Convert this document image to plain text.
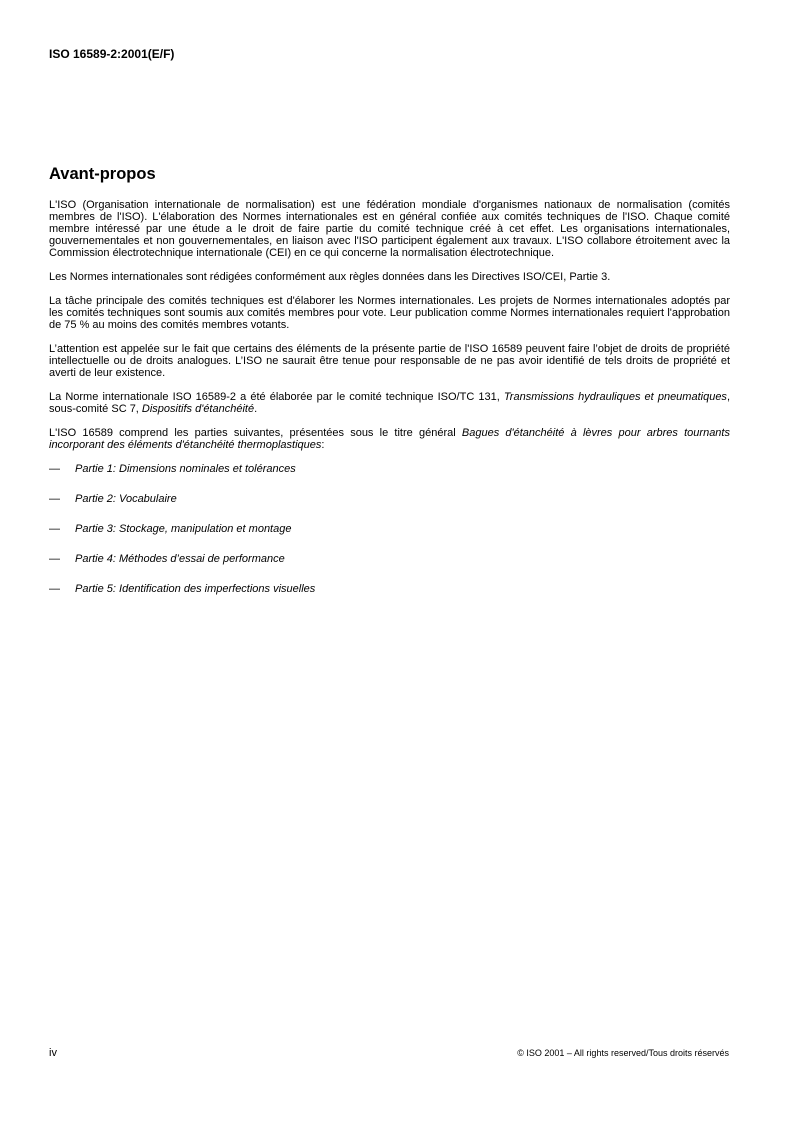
ISO 16589-2:2001(E/F)
Avant-propos

L'ISO (Organisation internationale de normalisation) est une fédération mondiale d'organismes nationaux de normalisation (comités membres de l'ISO). L'élaboration des Normes internationales est en général confiée aux comités techniques de l'ISO. Chaque comité membre intéressé par une étude a le droit de faire partie du comité technique créé à cet effet. Les organisations internationales, gouvernementales et non gouvernementales, en liaison avec l'ISO participent également aux travaux. L'ISO collabore étroitement avec la Commission électrotechnique internationale (CEI) en ce qui concerne la normalisation électrotechnique.

Les Normes internationales sont rédigées conformément aux règles données dans les Directives ISO/CEI, Partie 3.

La tâche principale des comités techniques est d'élaborer les Normes internationales. Les projets de Normes internationales adoptés par les comités techniques sont soumis aux comités membres pour vote. Leur publication comme Normes internationales requiert l'approbation de 75 % au moins des comités membres votants.

L’attention est appelée sur le fait que certains des éléments de la présente partie de l'ISO 16589 peuvent faire l’objet de droits de propriété intellectuelle ou de droits analogues. L’ISO ne saurait être tenue pour responsable de ne pas avoir identifié de tels droits de propriété et averti de leur existence.

La Norme internationale ISO 16589-2 a été élaborée par le comité technique ISO/TC 131, Transmissions hydrauliques et pneumatiques, sous-comité SC 7, Dispositifs d'étanchéité.

L'ISO 16589 comprend les parties suivantes, présentées sous le titre général Bagues d'étanchéité à lèvres pour arbres tournants incorporant des éléments d'étanchéité thermoplastiques:

—	Partie 1: Dimensions nominales et tolérances
—	Partie 2: Vocabulaire
—	Partie 3: Stockage, manipulation et montage
—	Partie 4: Méthodes d’essai de performance
—	Partie 5: Identification des imperfections visuelles
iv	© ISO 2001 – All rights reserved/Tous droits réservés
